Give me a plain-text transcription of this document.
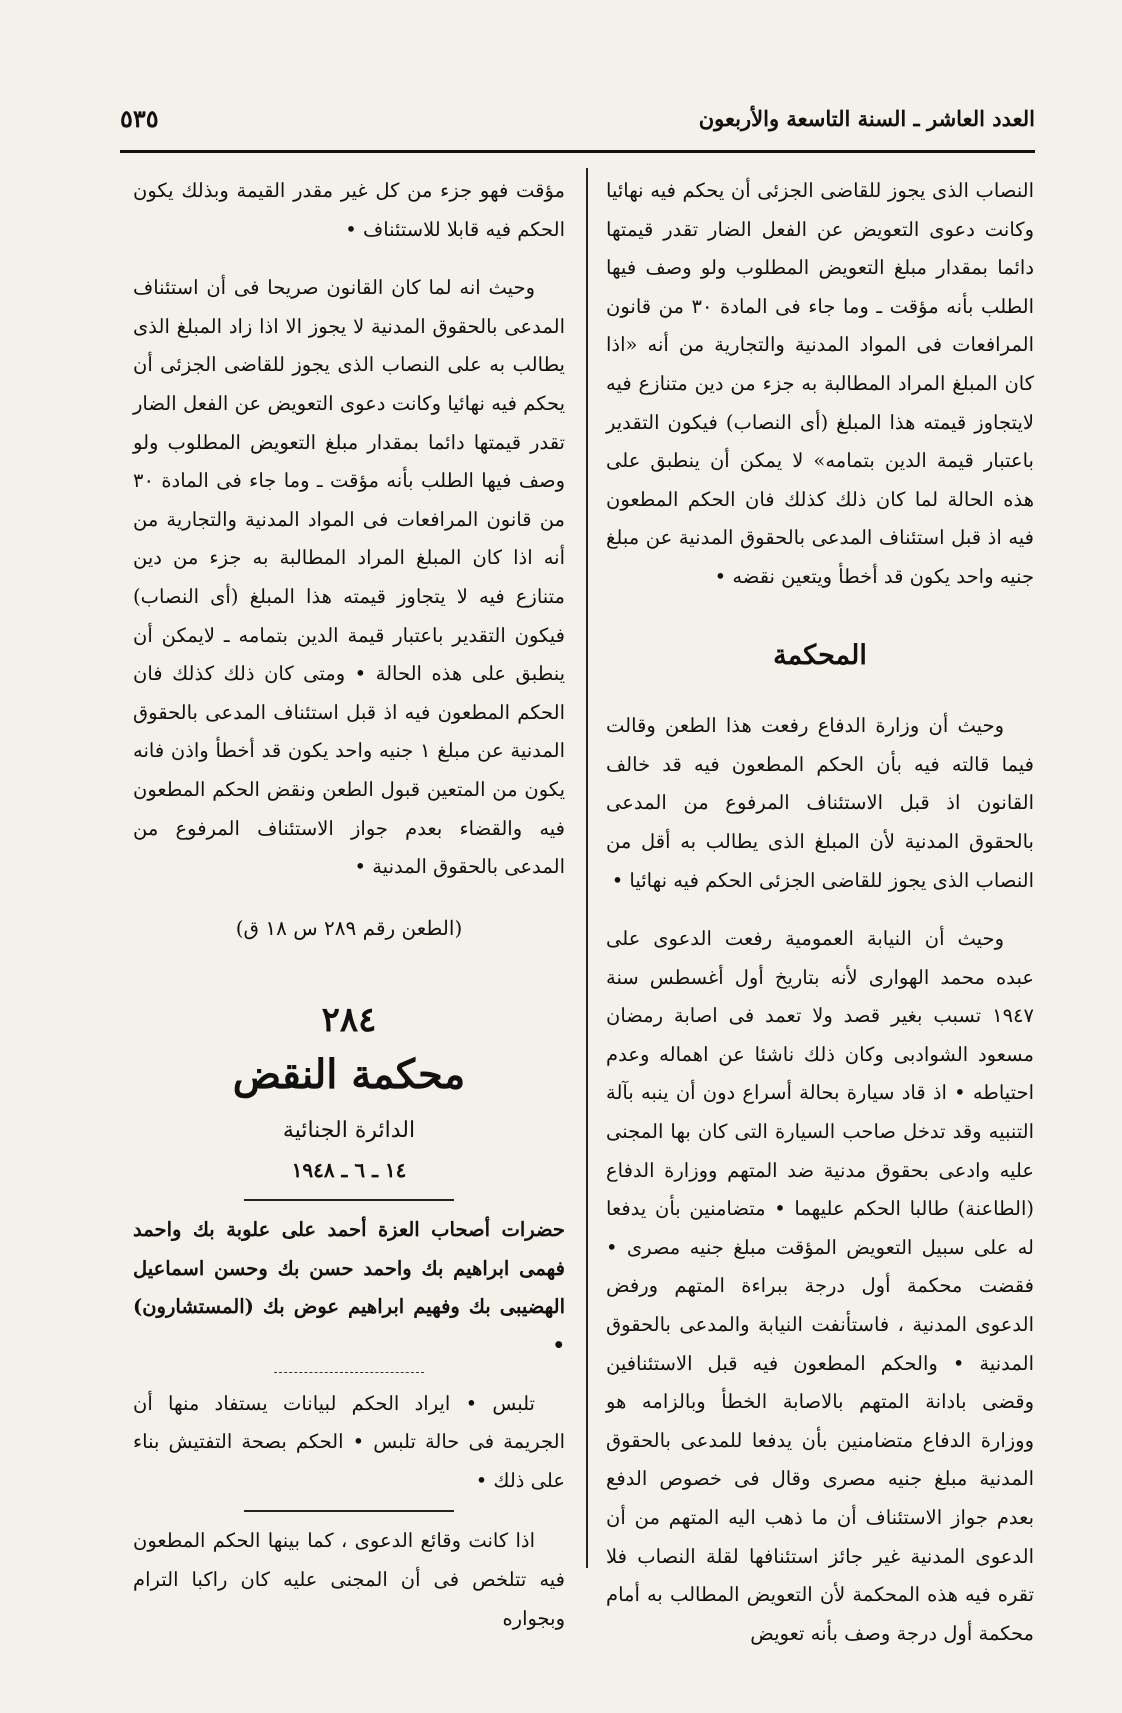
العدد العاشر ـ السنة التاسعة والأربعون
٥٣٥

النصاب الذى يجوز للقاضى الجزئى أن يحكم فيه نهائيا وكانت دعوى التعويض عن الفعل الضار تقدر قيمتها دائما بمقدار مبلغ التعويض المطلوب ولو وصف فيها الطلب بأنه مؤقت ـ وما جاء فى المادة ٣٠ من قانون المرافعات فى المواد المدنية والتجارية من أنه «اذا كان المبلغ المراد المطالبة به جزء من دين متنازع فيه لايتجاوز قيمته هذا المبلغ (أى النصاب) فيكون التقدير باعتبار قيمة الدين بتمامه» لا يمكن أن ينطبق على هذه الحالة لما كان ذلك كذلك فان الحكم المطعون فيه اذ قبل استئناف المدعى بالحقوق المدنية عن مبلغ جنيه واحد يكون قد أخطأ ويتعين نقضه •

المحكمة

وحيث أن وزارة الدفاع رفعت هذا الطعن وقالت فيما قالته فيه بأن الحكم المطعون فيه قد خالف القانون اذ قبل الاستئناف المرفوع من المدعى بالحقوق المدنية لأن المبلغ الذى يطالب به أقل من النصاب الذى يجوز للقاضى الجزئى الحكم فيه نهائيا •

وحيث أن النيابة العمومية رفعت الدعوى على عبده محمد الهوارى لأنه بتاريخ أول أغسطس سنة ١٩٤٧ تسبب بغير قصد ولا تعمد فى اصابة رمضان مسعود الشوادبى وكان ذلك ناشئا عن اهماله وعدم احتياطه • اذ قاد سيارة بحالة أسراع دون أن ينبه بآلة التنبيه وقد تدخل صاحب السيارة التى كان بها المجنى عليه وادعى بحقوق مدنية ضد المتهم ووزارة الدفاع (الطاعنة) طالبا الحكم عليهما • متضامنين بأن يدفعا له على سبيل التعويض المؤقت مبلغ جنيه مصرى • فقضت محكمة أول درجة ببراءة المتهم ورفض الدعوى المدنية ، فاستأنفت النيابة والمدعى بالحقوق المدنية • والحكم المطعون فيه قبل الاستئنافين وقضى بادانة المتهم بالاصابة الخطأ وبالزامه هو ووزارة الدفاع متضامنين بأن يدفعا للمدعى بالحقوق المدنية مبلغ جنيه مصرى وقال فى خصوص الدفع بعدم جواز الاستئناف أن ما ذهب اليه المتهم من أن الدعوى المدنية غير جائز استئنافها لقلة النصاب فلا تقره فيه هذه المحكمة لأن التعويض المطالب به أمام محكمة أول درجة وصف بأنه تعويض

مؤقت فهو جزء من كل غير مقدر القيمة وبذلك يكون الحكم فيه قابلا للاستئناف •

وحيث انه لما كان القانون صريحا فى أن استئناف المدعى بالحقوق المدنية لا يجوز الا اذا زاد المبلغ الذى يطالب به على النصاب الذى يجوز للقاضى الجزئى أن يحكم فيه نهائيا وكانت دعوى التعويض عن الفعل الضار تقدر قيمتها دائما بمقدار مبلغ التعويض المطلوب ولو وصف فيها الطلب بأنه مؤقت ـ وما جاء فى المادة ٣٠ من قانون المرافعات فى المواد المدنية والتجارية من أنه اذا كان المبلغ المراد المطالبة به جزء من دين متنازع فيه لا يتجاوز قيمته هذا المبلغ (أى النصاب) فيكون التقدير باعتبار قيمة الدين بتمامه ـ لايمكن أن ينطبق على هذه الحالة • ومتى كان ذلك كذلك فان الحكم المطعون فيه اذ قبل استئناف المدعى بالحقوق المدنية عن مبلغ ١ جنيه واحد يكون قد أخطأ واذن فانه يكون من المتعين قبول الطعن ونقض الحكم المطعون فيه والقضاء بعدم جواز الاستئناف المرفوع من المدعى بالحقوق المدنية •

(الطعن رقم ٢٨٩ س ١٨ ق)
٢٨٤
محكمة النقض
الدائرة الجنائية
١٤ ـ ٦ ـ ١٩٤٨

حضرات أصحاب العزة أحمد على علوبة بك واحمد فهمى ابراهيم بك واحمد حسن بك وحسن اسماعيل الهضيبى بك وفهيم ابراهيم عوض بك (المستشارون) •

تلبس • ايراد الحكم لبيانات يستفاد منها أن الجريمة فى حالة تلبس • الحكم بصحة التفتيش بناء على ذلك •

اذا كانت وقائع الدعوى ، كما بينها الحكم المطعون فيه تتلخص فى أن المجنى عليه كان راكبا الترام وبجواره
